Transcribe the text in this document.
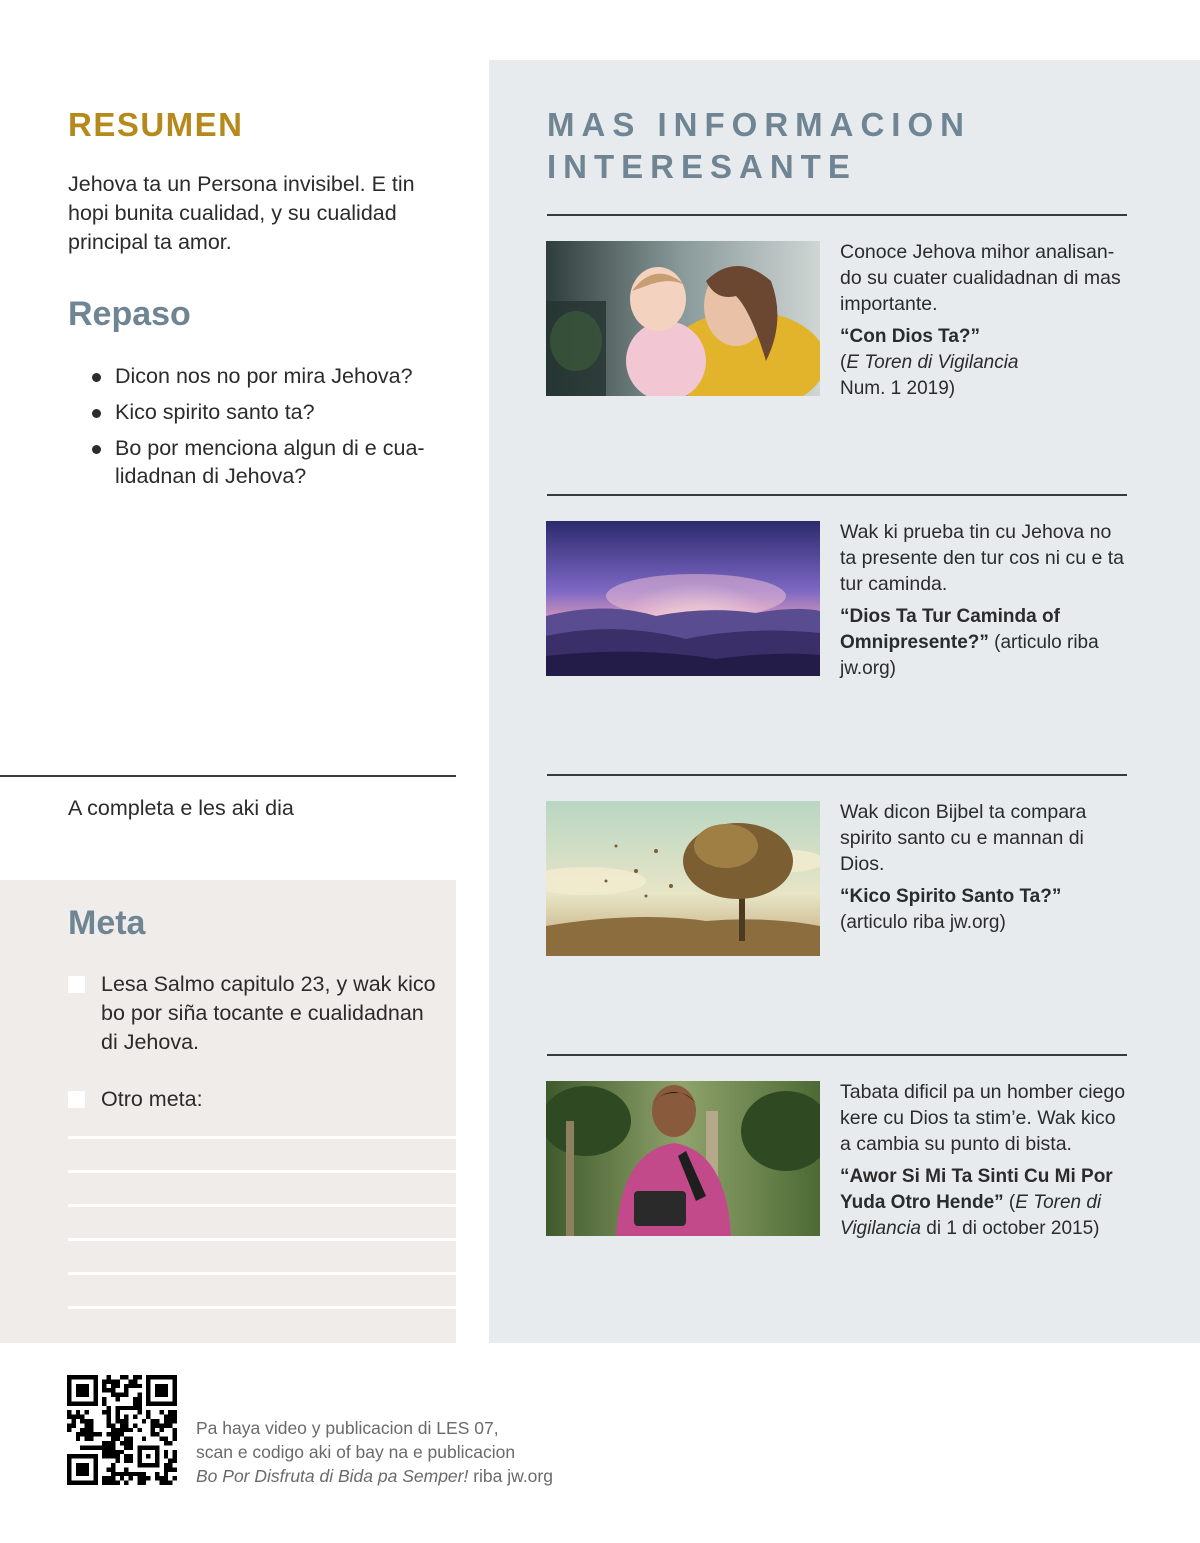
RESUMEN

Jehova ta un Persona invisibel. E tin hopi bunita cualidad, y su cualidad principal ta amor.

Repaso
Dicon nos no por mira Jehova?
Kico spirito santo ta?
Bo por menciona algun di e cua-lidadnan di Jehova?

A completa e les aki dia

Meta
Lesa Salmo capitulo 23, y wak kico bo por siña tocante e cualidadnan di Jehova.
Otro meta:
MAS INFORMACION
INTERESANTE

Conoce Jehova mihor analisan-do su cuater cualidadnan di mas importante.

“Con Dios Ta?”
(E Toren di Vigilancia
Num. 1 2019)

Wak ki prueba tin cu Jehova no ta presente den tur cos ni cu e ta tur caminda.

“Dios Ta Tur Caminda of Omnipresente?” (articulo riba jw.org)

Wak dicon Bijbel ta compara spirito santo cu e mannan di Dios.

“Kico Spirito Santo Ta?”
(articulo riba jw.org)

Tabata dificil pa un homber ciego kere cu Dios ta stim’e. Wak kico a cambia su punto di bista.

“Awor Si Mi Ta Sinti Cu Mi Por Yuda Otro Hende” (E Toren di Vigilancia di 1 di october 2015)

Pa haya video y publicacion di LES 07,
scan e codigo aki of bay na e publicacion
Bo Por Disfruta di Bida pa Semper! riba jw.org
